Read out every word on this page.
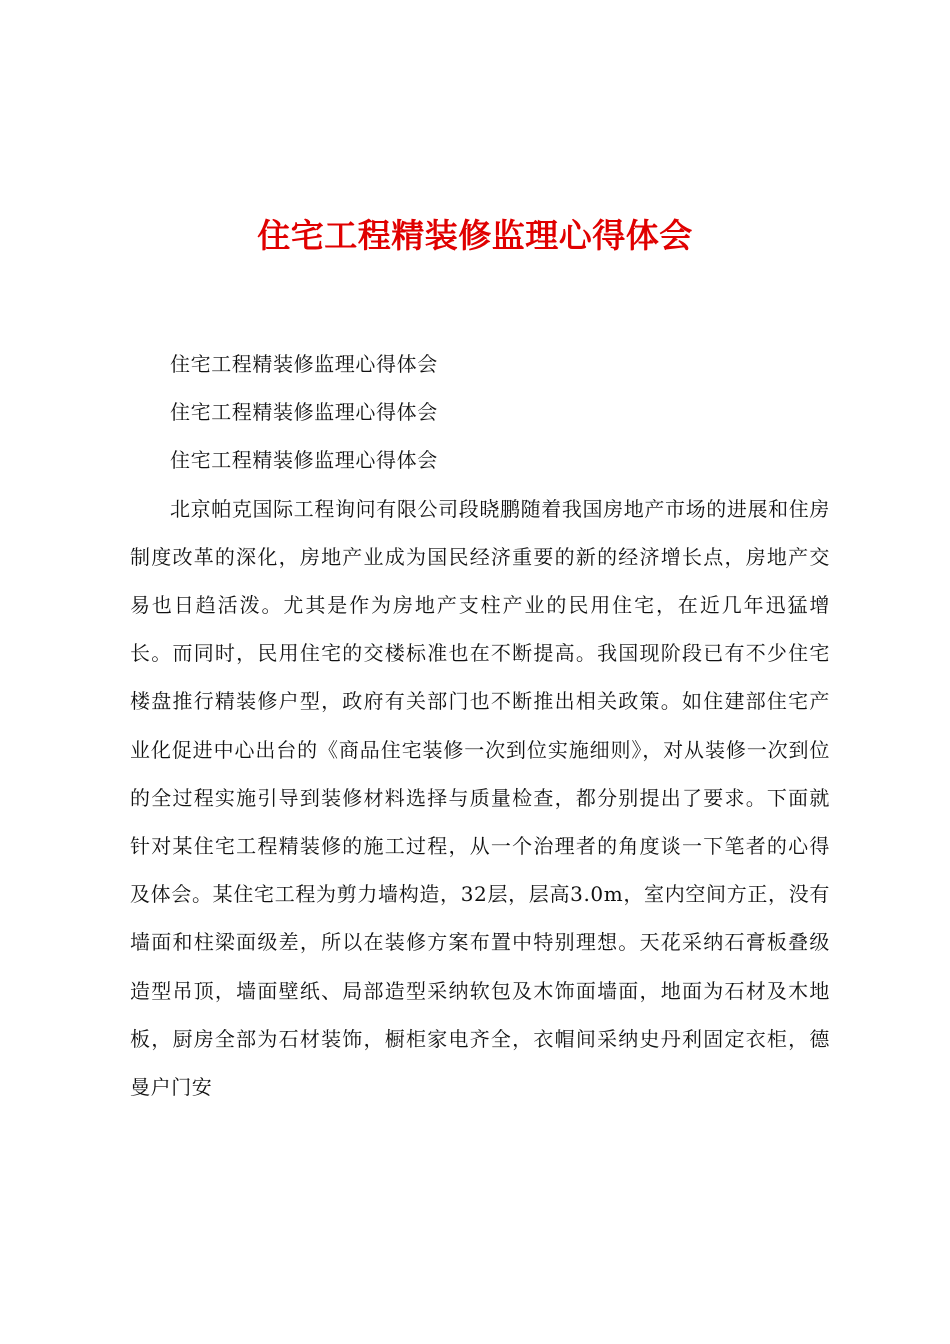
住宅工程精装修监理心得体会

住宅工程精装修监理心得体会

住宅工程精装修监理心得体会

住宅工程精装修监理心得体会

北京帕克国际工程询问有限公司段晓鹏随着我国房地产市场的进展和住房制度改革的深化，房地产业成为国民经济重要的新的经济增长点，房地产交易也日趋活泼。尤其是作为房地产支柱产业的民用住宅，在近几年迅猛增长。而同时，民用住宅的交楼标准也在不断提高。我国现阶段已有不少住宅楼盘推行精装修户型，政府有关部门也不断推出相关政策。如住建部住宅产业化促进中心出台的《商品住宅装修一次到位实施细则》，对从装修一次到位的全过程实施引导到装修材料选择与质量检查，都分别提出了要求。下面就针对某住宅工程精装修的施工过程，从一个治理者的角度谈一下笔者的心得及体会。某住宅工程为剪力墙构造，32层，层高3.0m，室内空间方正，没有墙面和柱梁面级差，所以在装修方案布置中特别理想。天花采纳石膏板叠级造型吊顶，墙面壁纸、局部造型采纳软包及木饰面墙面，地面为石材及木地板，厨房全部为石材装饰，橱柜家电齐全，衣帽间采纳史丹利固定衣柜，德曼户门安
